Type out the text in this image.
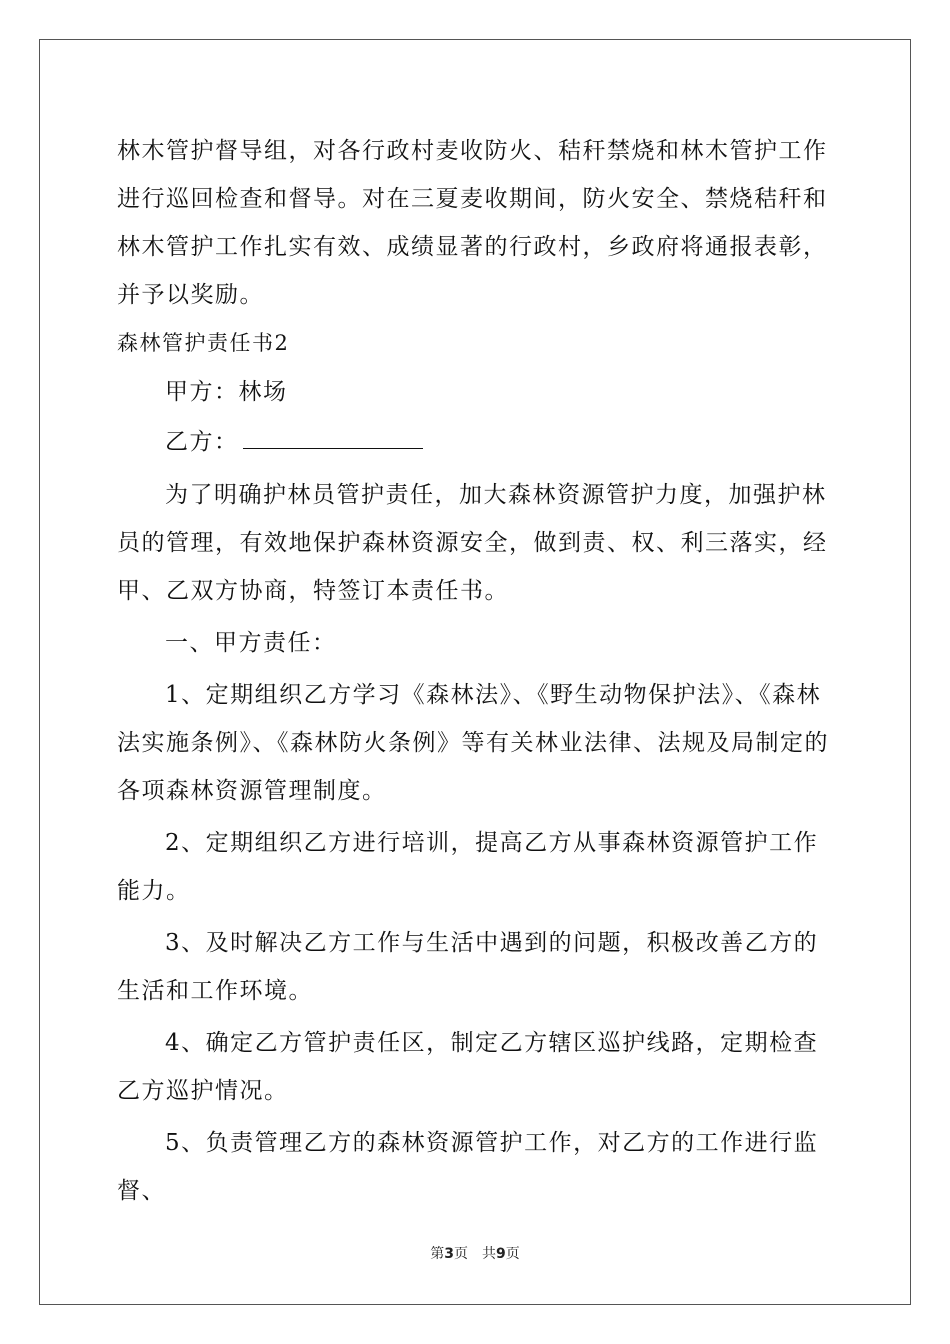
林木管护督导组，对各行政村麦收防火、秸秆禁烧和林木管护工作进行巡回检查和督导。对在三夏麦收期间，防火安全、禁烧秸秆和林木管护工作扎实有效、成绩显著的行政村，乡政府将通报表彰，并予以奖励。

森林管护责任书2

甲方：林场

乙方：

为了明确护林员管护责任，加大森林资源管护力度，加强护林员的管理，有效地保护森林资源安全，做到责、权、利三落实，经甲、乙双方协商，特签订本责任书。

一、甲方责任：

1、定期组织乙方学习《森林法》、《野生动物保护法》、《森林法实施条例》、《森林防火条例》等有关林业法律、法规及局制定的各项森林资源管理制度。

2、定期组织乙方进行培训，提高乙方从事森林资源管护工作能力。

3、及时解决乙方工作与生活中遇到的问题，积极改善乙方的生活和工作环境。

4、确定乙方管护责任区，制定乙方辖区巡护线路，定期检查乙方巡护情况。

5、负责管理乙方的森林资源管护工作，对乙方的工作进行监督、

第3页　共9页
